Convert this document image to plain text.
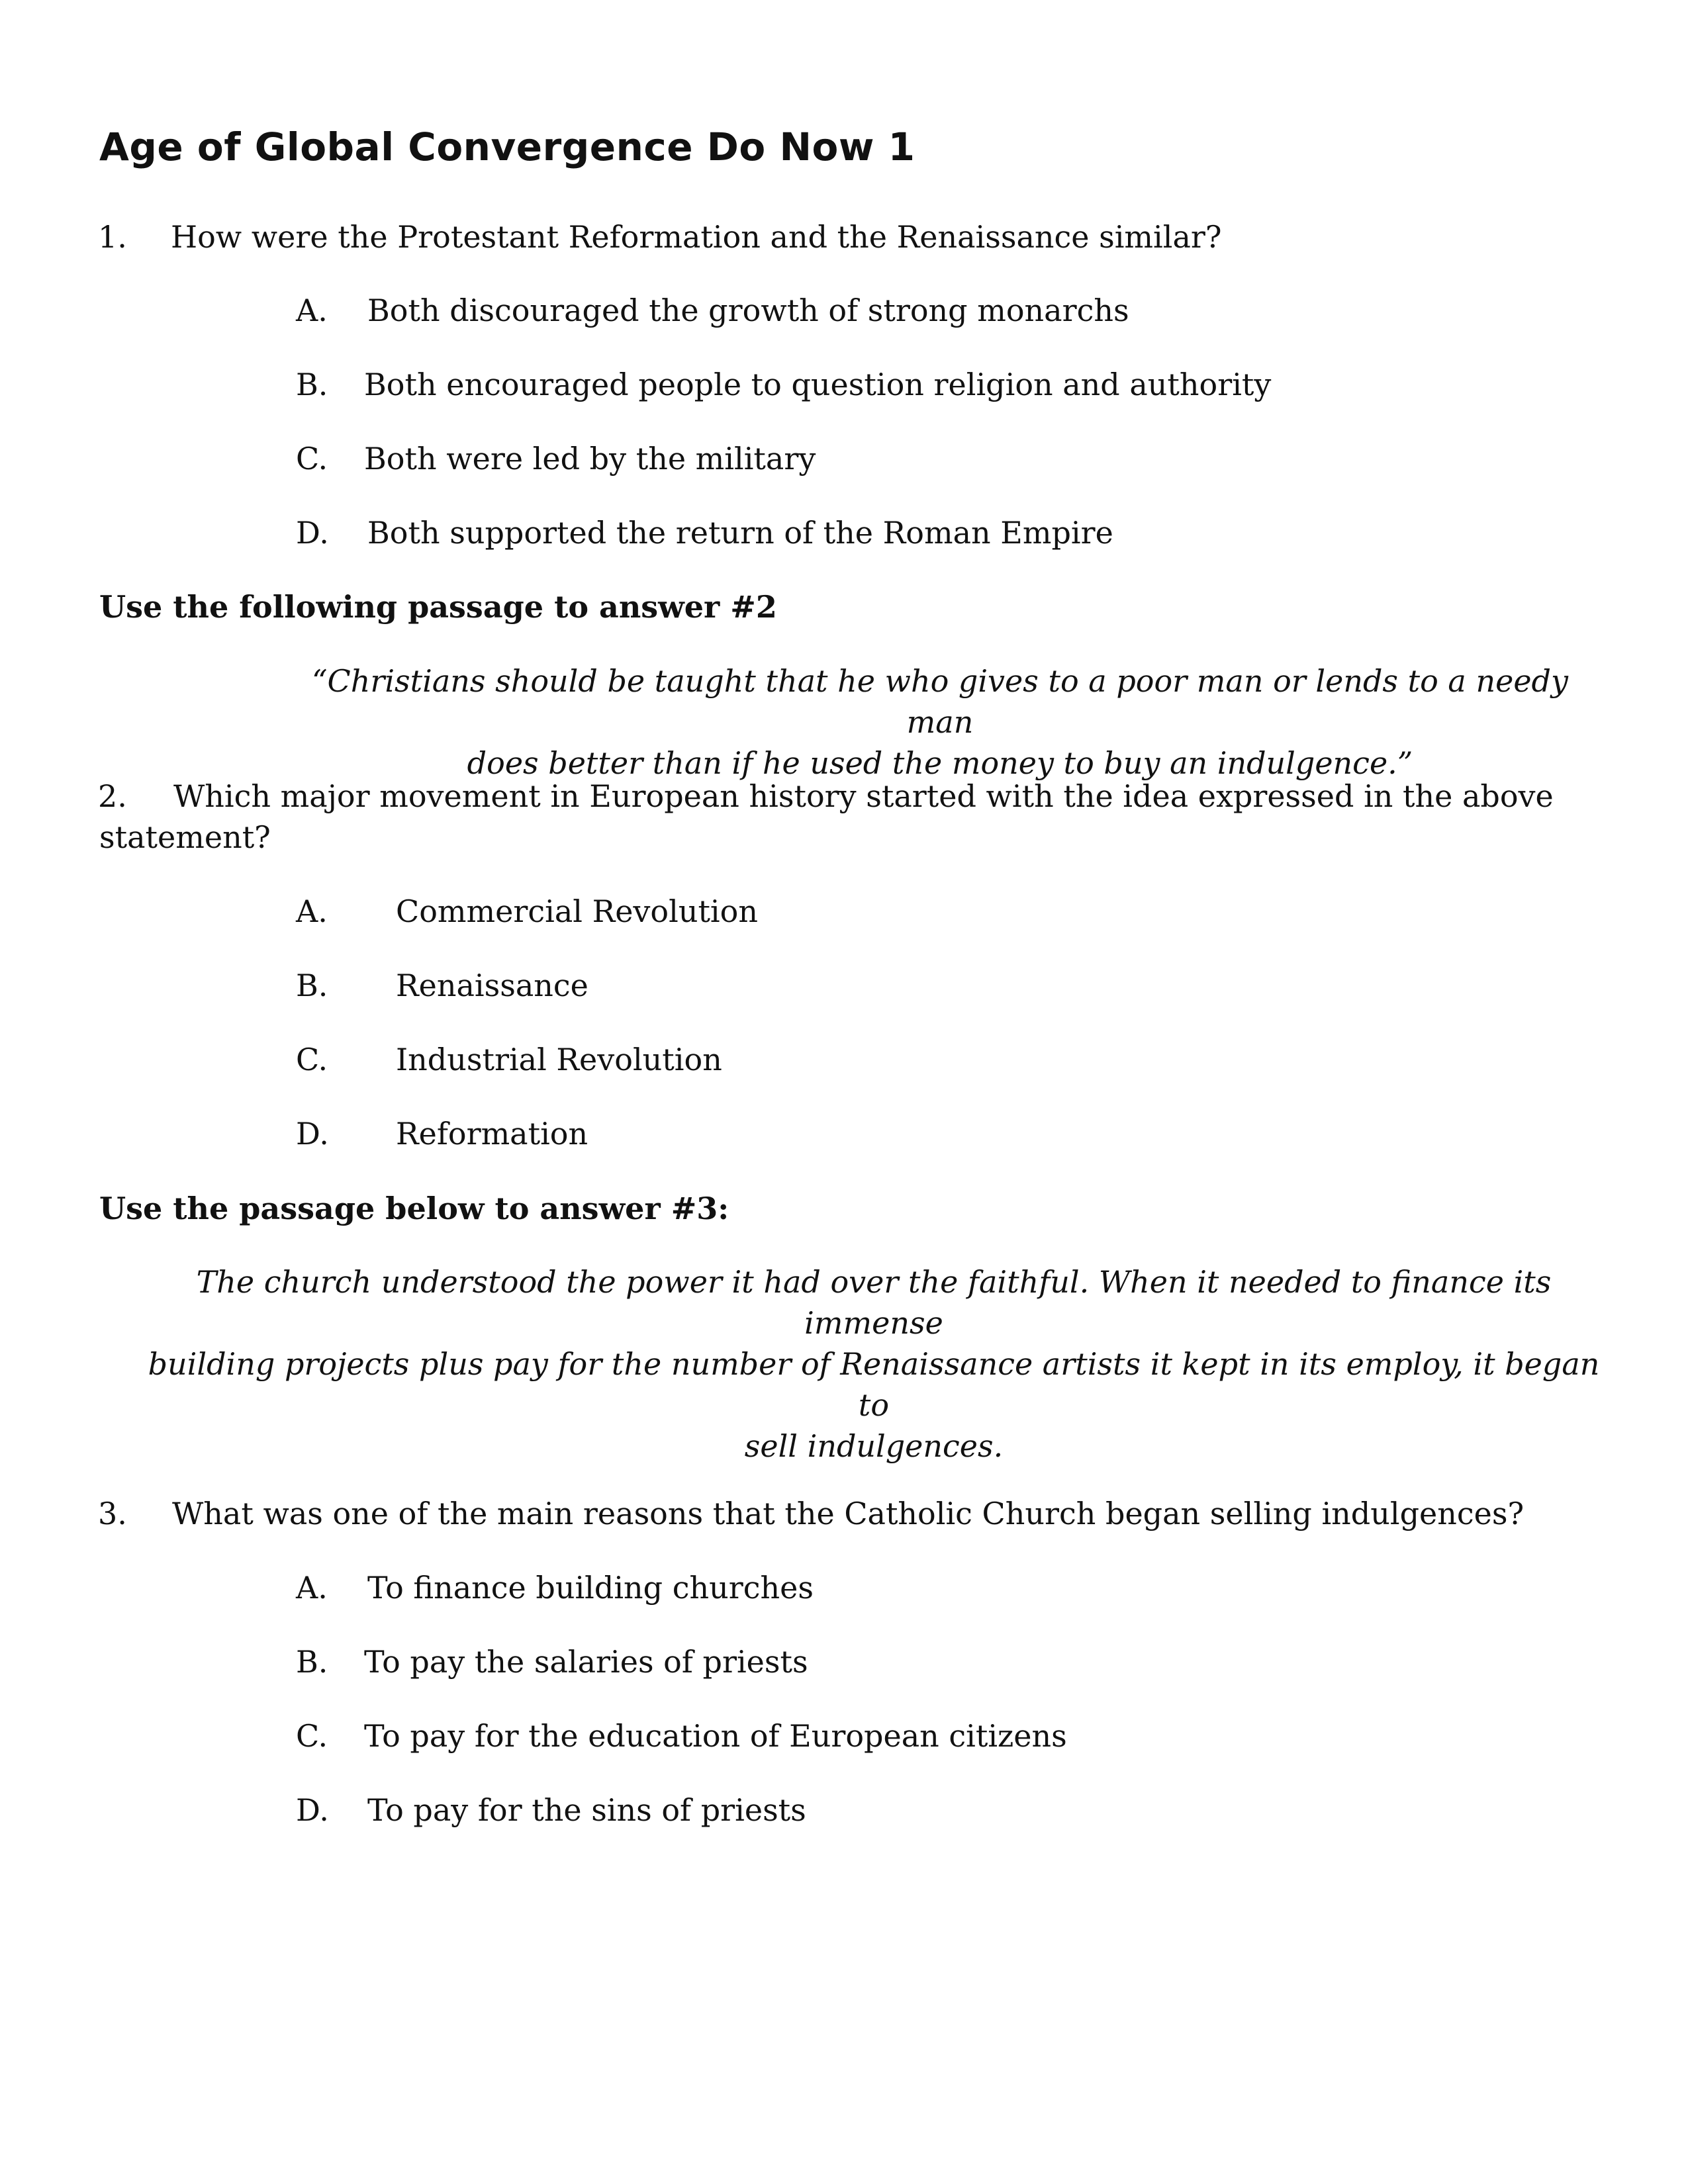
Age of Global Convergence Do Now 1
1. How were the Protestant Reformation and the Renaissance similar?
A. Both discouraged the growth of strong monarchs
B. Both encouraged people to question religion and authority
C. Both were led by the military
D. Both supported the return of the Roman Empire
Use the following passage to answer #2
“Christians should be taught that he who gives to a poor man or lends to a needy man
does better than if he used the money to buy an indulgence.”
2. Which major movement in European history started with the idea expressed in the above
statement?
A. Commercial Revolution
B. Renaissance
C. Industrial Revolution
D. Reformation
Use the passage below to answer #3:
The church understood the power it had over the faithful. When it needed to finance its immense
building projects plus pay for the number of Renaissance artists it kept in its employ, it began to
sell indulgences.
3. What was one of the main reasons that the Catholic Church began selling indulgences?
A. To finance building churches
B. To pay the salaries of priests
C. To pay for the education of European citizens
D. To pay for the sins of priests
